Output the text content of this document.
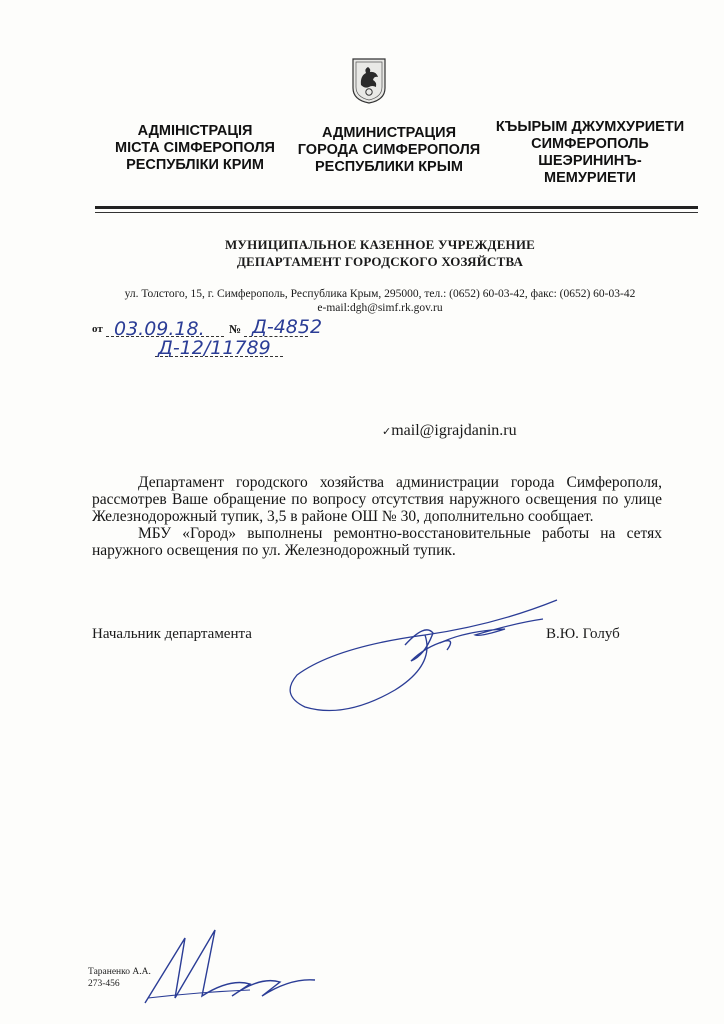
АДМІНІСТРАЦІЯ
МІСТА СІМФЕРОПОЛЯ
РЕСПУБЛІКИ КРИМ
АДМИНИСТРАЦИЯ
ГОРОДА СИМФЕРОПОЛЯ
РЕСПУБЛИКИ КРЫМ
КЪЫРЫМ ДЖУМХУРИЕТИ
СИМФЕРОПОЛЬ
ШЕЭРИНИНЪ-
МЕМУРИЕТИ
МУНИЦИПАЛЬНОЕ КАЗЕННОЕ УЧРЕЖДЕНИЕ
ДЕПАРТАМЕНТ ГОРОДСКОГО ХОЗЯЙСТВА
ул. Толстого, 15, г. Симферополь, Республика Крым, 295000, тел.: (0652) 60-03-42, факс: (0652) 60-03-42
e-mail:dgh@simf.rk.gov.ru
от 03.09.18. № Д-4852
Д-12/11789
✓mail@igrajdanin.ru

Департамент городского хозяйства администрации города Симферополя, рассмотрев Ваше обращение по вопросу отсутствия наружного освещения по улице Железнодорожный тупик, 3,5 в районе ОШ № 30, дополнительно сообщает.

МБУ «Город» выполнены ремонтно-восстановительные работы на сетях наружного освещения по ул. Железнодорожный тупик.

Начальник департамента	В.Ю. Голуб
Тараненко А.А.
273-456
